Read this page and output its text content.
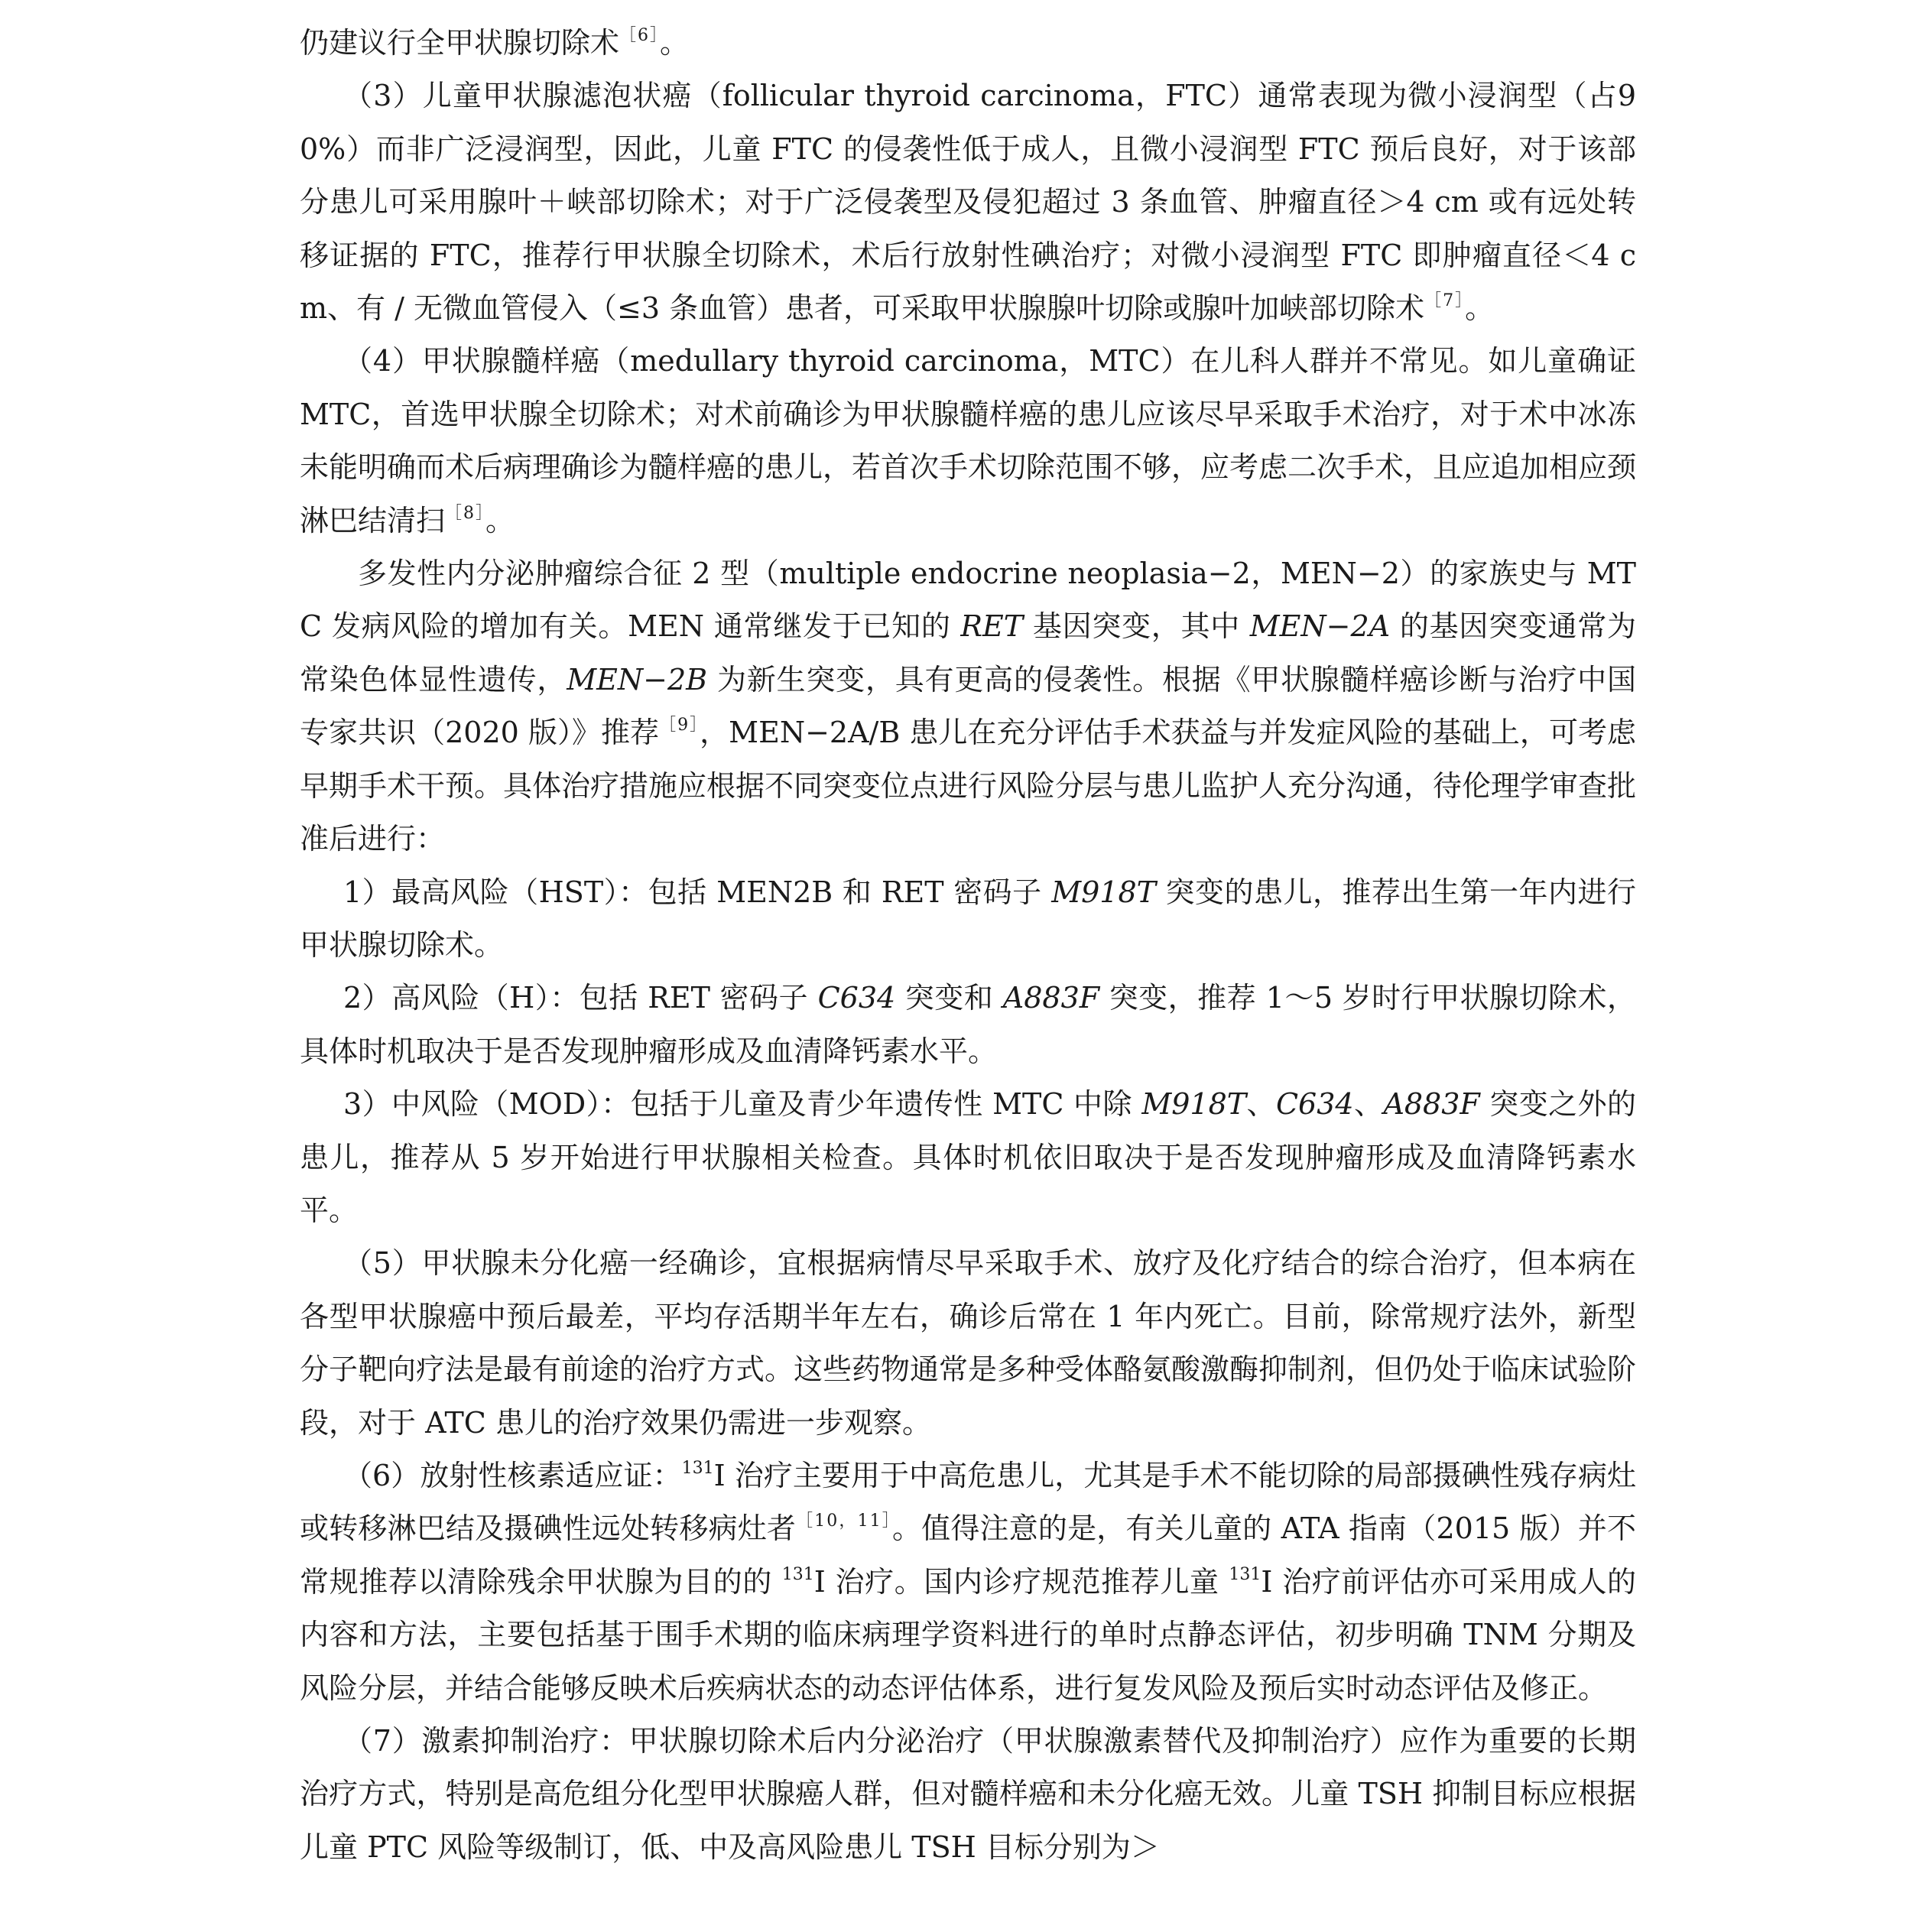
仍建议行全甲状腺切除术$^{[6]}$。

（3）儿童甲状腺滤泡状癌（follicular thyroid carcinoma，FTC）通常表现为微小浸润型（占90%）而非广泛浸润型，因此，儿童 FTC 的侵袭性低于成人，且微小浸润型 FTC 预后良好，对于该部分患儿可采用腺叶＋峡部切除术；对于广泛侵袭型及侵犯超过 3 条血管、肿瘤直径＞4 cm 或有远处转移证据的 FTC，推荐行甲状腺全切除术，术后行放射性碘治疗；对微小浸润型 FTC 即肿瘤直径＜4 cm、有 / 无微血管侵入（≤3 条血管）患者，可采取甲状腺腺叶切除或腺叶加峡部切除术$^{[7]}$。

（4）甲状腺髓样癌（medullary thyroid carcinoma，MTC）在儿科人群并不常见。如儿童确证 MTC，首选甲状腺全切除术；对术前确诊为甲状腺髓样癌的患儿应该尽早采取手术治疗，对于术中冰冻未能明确而术后病理确诊为髓样癌的患儿，若首次手术切除范围不够，应考虑二次手术，且应追加相应颈淋巴结清扫$^{[8]}$。

多发性内分泌肿瘤综合征 2 型（multiple endocrine neoplasia−2，MEN−2）的家族史与 MTC 发病风险的增加有关。MEN 通常继发于已知的 RET 基因突变，其中 MEN−2A 的基因突变通常为常染色体显性遗传，MEN−2B 为新生突变，具有更高的侵袭性。根据《甲状腺髓样癌诊断与治疗中国专家共识（2020 版）》推荐$^{[9]}$，MEN−2A/B 患儿在充分评估手术获益与并发症风险的基础上，可考虑早期手术干预。具体治疗措施应根据不同突变位点进行风险分层与患儿监护人充分沟通，待伦理学审查批准后进行：

1）最高风险（HST）：包括 MEN2B 和 RET 密码子 M918T 突变的患儿，推荐出生第一年内进行甲状腺切除术。

2）高风险（H）：包括 RET 密码子 C634 突变和 A883F 突变，推荐 1～5 岁时行甲状腺切除术，具体时机取决于是否发现肿瘤形成及血清降钙素水平。

3）中风险（MOD）：包括于儿童及青少年遗传性 MTC 中除 M918T、C634、A883F 突变之外的患儿，推荐从 5 岁开始进行甲状腺相关检查。具体时机依旧取决于是否发现肿瘤形成及血清降钙素水平。

（5）甲状腺未分化癌一经确诊，宜根据病情尽早采取手术、放疗及化疗结合的综合治疗，但本病在各型甲状腺癌中预后最差，平均存活期半年左右，确诊后常在 1 年内死亡。目前，除常规疗法外，新型分子靶向疗法是最有前途的治疗方式。这些药物通常是多种受体酪氨酸激酶抑制剂，但仍处于临床试验阶段，对于 ATC 患儿的治疗效果仍需进一步观察。

（6）放射性核素适应证：$^{131}$I 治疗主要用于中高危患儿，尤其是手术不能切除的局部摄碘性残存病灶或转移淋巴结及摄碘性远处转移病灶者$^{[10,11]}$。值得注意的是，有关儿童的 ATA 指南（2015 版）并不常规推荐以清除残余甲状腺为目的的 $^{131}$I 治疗。国内诊疗规范推荐儿童 $^{131}$I 治疗前评估亦可采用成人的内容和方法，主要包括基于围手术期的临床病理学资料进行的单时点静态评估，初步明确 TNM 分期及风险分层，并结合能够反映术后疾病状态的动态评估体系，进行复发风险及预后实时动态评估及修正。

（7）激素抑制治疗：甲状腺切除术后内分泌治疗（甲状腺激素替代及抑制治疗）应作为重要的长期治疗方式，特别是高危组分化型甲状腺癌人群，但对髓样癌和未分化癌无效。儿童 TSH 抑制目标应根据儿童 PTC 风险等级制订，低、中及高风险患儿 TSH 目标分别为＞
